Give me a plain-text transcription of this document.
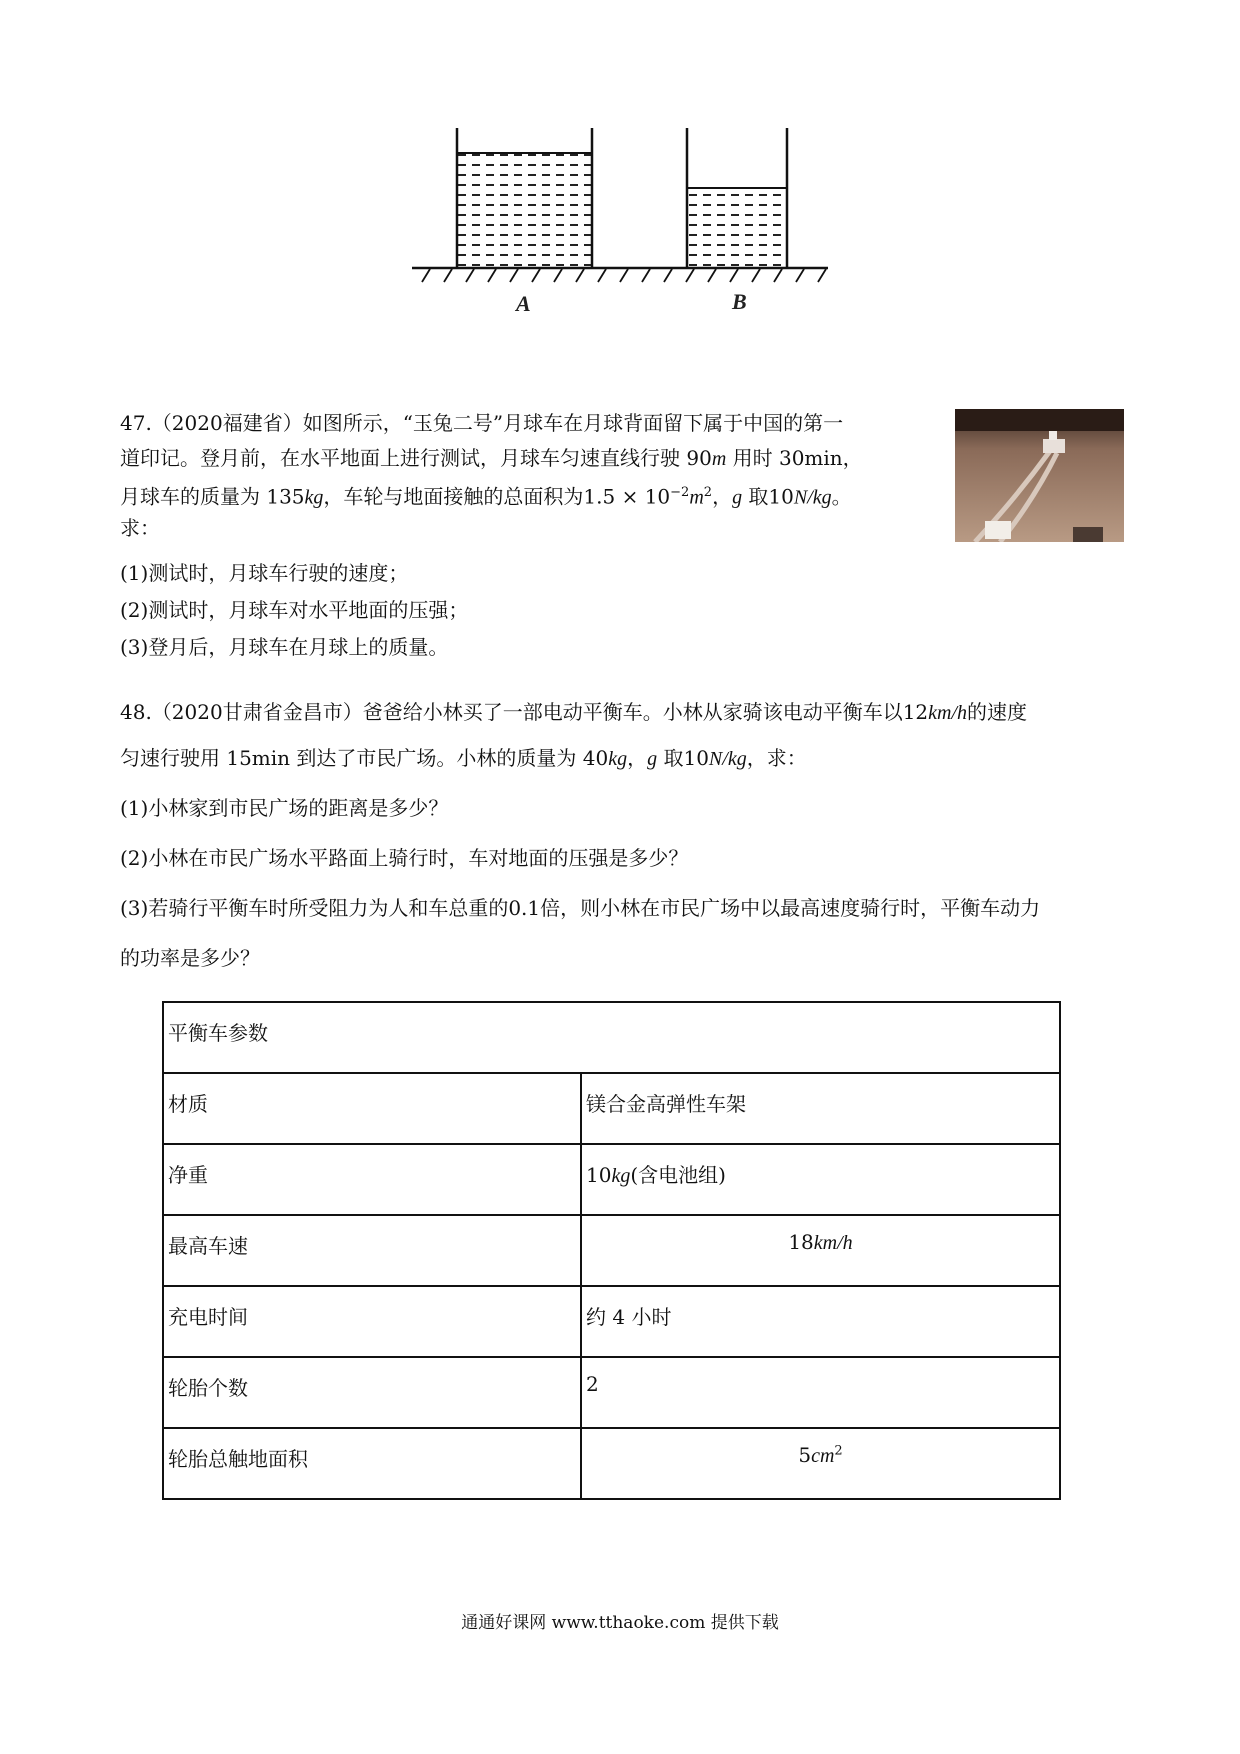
A	B
47.（2020福建省）如图所示，“玉兔二号”月球车在月球背面留下属于中国的第一
道印记。登月前，在水平地面上进行测试，月球车匀速直线行驶 90m 用时 30min，
月球车的质量为 135kg，车轮与地面接触的总面积为$1.5 \times 10^{-2}m^2$，g 取10N/kg。
求：
(1)测试时，月球车行驶的速度；
(2)测试时，月球车对水平地面的压强；
(3)登月后，月球车在月球上的质量。
48.（2020甘肃省金昌市）爸爸给小林买了一部电动平衡车。小林从家骑该电动平衡车以12km/h的速度
匀速行驶用 15min 到达了市民广场。小林的质量为 40kg，g 取10N/kg，求：
(1)小林家到市民广场的距离是多少？
(2)小林在市民广场水平路面上骑行时，车对地面的压强是多少？
(3)若骑行平衡车时所受阻力为人和车总重的0.1倍，则小林在市民广场中以最高速度骑行时，平衡车动力
的功率是多少？
平衡车参数	
材质	镁合金高弹性车架
净重	10kg(含电池组)
最高车速	18km/h
充电时间	约 4 小时
轮胎个数	2
轮胎总触地面积	$5cm^2$
通通好课网 www.tthaoke.com 提供下载
